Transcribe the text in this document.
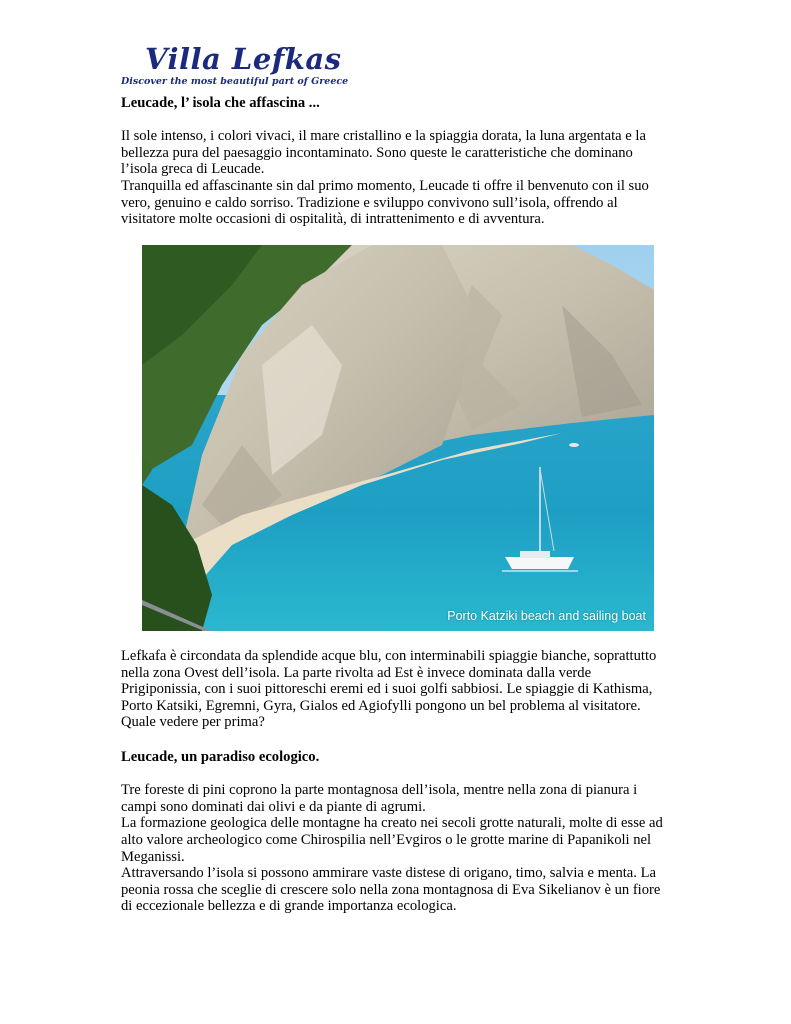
Villa Lefkas
Discover the most beautiful part of Greece

Leucade, l’ isola che affascina ...

Il sole intenso, i colori vivaci, il mare cristallino e la spiaggia dorata, la luna argentata e la

bellezza pura del paesaggio incontaminato. Sono queste le caratteristiche che dominano

l’isola greca di Leucade.

Tranquilla ed affascinante sin dal primo momento, Leucade ti offre il benvenuto con il suo

vero, genuino e caldo sorriso. Tradizione e sviluppo convivono sull’isola, offrendo al

visitatore molte occasioni di ospitalità, di intrattenimento e di avventura.

Porto Katziki beach and sailing boat

Lefkafa è circondata da splendide acque blu, con interminabili spiaggie bianche, soprattutto

nella zona Ovest dell’isola. La parte rivolta ad Est è invece dominata dalla verde

Prigiponissia, con i suoi pittoreschi eremi ed i suoi golfi sabbiosi. Le spiaggie di Kathisma,

Porto Katsiki, Egremni, Gyra, Gialos ed Agiofylli pongono un bel problema al visitatore.

Quale vedere per prima?

Leucade, un paradiso ecologico.

Tre foreste di pini coprono la parte montagnosa dell’isola, mentre nella zona di pianura i

campi sono dominati dai olivi e da piante di agrumi.

La formazione geologica delle montagne ha creato nei secoli grotte naturali, molte di esse ad

alto valore archeologico come Chirospilia nell’Evgiros o le grotte marine di Papanikoli nel

Meganissi.

Attraversando l’isola si possono ammirare vaste distese di origano, timo, salvia e menta. La

peonia rossa che sceglie di crescere solo nella zona montagnosa di Eva Sikelianov è un fiore

di eccezionale bellezza e di grande importanza ecologica.
